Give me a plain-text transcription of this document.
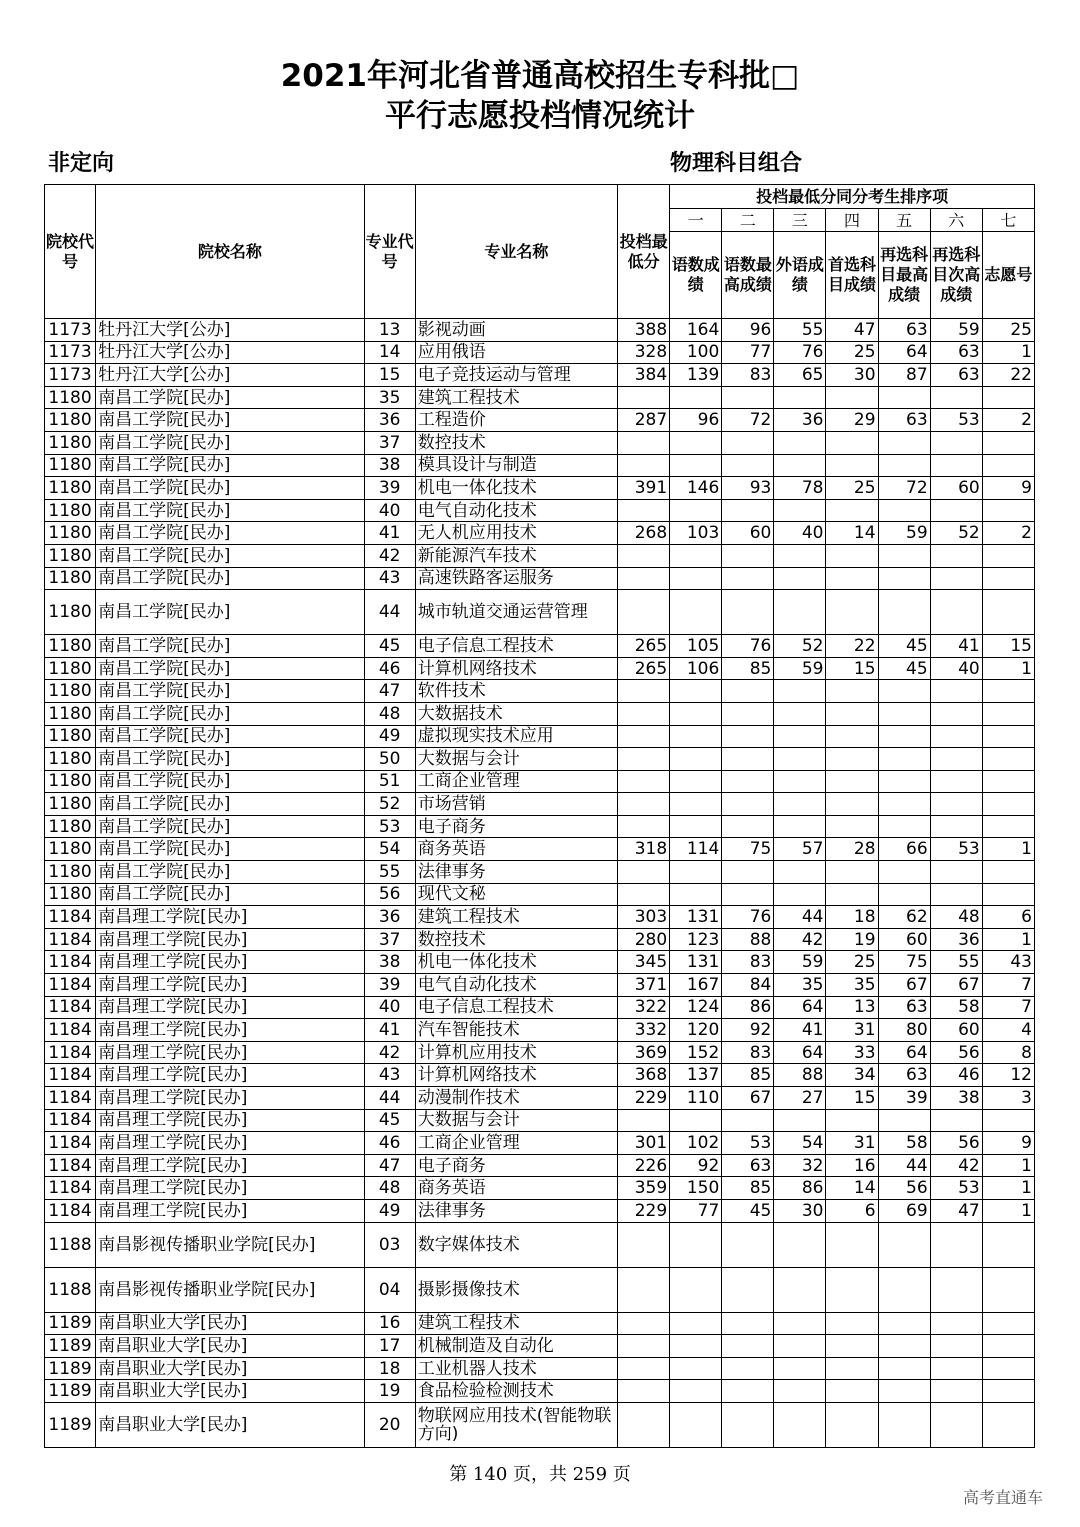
2021年河北省普通高校招生专科批□
平行志愿投档情况统计
非定向	物理科目组合
院校代号	院校名称	专业代号	专业名称	投档最低分	投档最低分同分考生排序项						
					一	二	三	四	五	六	七
					语数成绩	语数最高成绩	外语成绩	首选科目成绩	再选科目最高成绩	再选科目次高成绩	志愿号
1173	牡丹江大学[公办]	13	影视动画	388	164	96	55	47	63	59	25
1173	牡丹江大学[公办]	14	应用俄语	328	100	77	76	25	64	63	1
1173	牡丹江大学[公办]	15	电子竞技运动与管理	384	139	83	65	30	87	63	22
1180	南昌工学院[民办]	35	建筑工程技术								
1180	南昌工学院[民办]	36	工程造价	287	96	72	36	29	63	53	2
1180	南昌工学院[民办]	37	数控技术								
1180	南昌工学院[民办]	38	模具设计与制造								
1180	南昌工学院[民办]	39	机电一体化技术	391	146	93	78	25	72	60	9
1180	南昌工学院[民办]	40	电气自动化技术								
1180	南昌工学院[民办]	41	无人机应用技术	268	103	60	40	14	59	52	2
1180	南昌工学院[民办]	42	新能源汽车技术								
1180	南昌工学院[民办]	43	高速铁路客运服务								
1180	南昌工学院[民办]	44	城市轨道交通运营管理								
1180	南昌工学院[民办]	45	电子信息工程技术	265	105	76	52	22	45	41	15
1180	南昌工学院[民办]	46	计算机网络技术	265	106	85	59	15	45	40	1
1180	南昌工学院[民办]	47	软件技术								
1180	南昌工学院[民办]	48	大数据技术								
1180	南昌工学院[民办]	49	虚拟现实技术应用								
1180	南昌工学院[民办]	50	大数据与会计								
1180	南昌工学院[民办]	51	工商企业管理								
1180	南昌工学院[民办]	52	市场营销								
1180	南昌工学院[民办]	53	电子商务								
1180	南昌工学院[民办]	54	商务英语	318	114	75	57	28	66	53	1
1180	南昌工学院[民办]	55	法律事务								
1180	南昌工学院[民办]	56	现代文秘								
1184	南昌理工学院[民办]	36	建筑工程技术	303	131	76	44	18	62	48	6
1184	南昌理工学院[民办]	37	数控技术	280	123	88	42	19	60	36	1
1184	南昌理工学院[民办]	38	机电一体化技术	345	131	83	59	25	75	55	43
1184	南昌理工学院[民办]	39	电气自动化技术	371	167	84	35	35	67	67	7
1184	南昌理工学院[民办]	40	电子信息工程技术	322	124	86	64	13	63	58	7
1184	南昌理工学院[民办]	41	汽车智能技术	332	120	92	41	31	80	60	4
1184	南昌理工学院[民办]	42	计算机应用技术	369	152	83	64	33	64	56	8
1184	南昌理工学院[民办]	43	计算机网络技术	368	137	85	88	34	63	46	12
1184	南昌理工学院[民办]	44	动漫制作技术	229	110	67	27	15	39	38	3
1184	南昌理工学院[民办]	45	大数据与会计								
1184	南昌理工学院[民办]	46	工商企业管理	301	102	53	54	31	58	56	9
1184	南昌理工学院[民办]	47	电子商务	226	92	63	32	16	44	42	1
1184	南昌理工学院[民办]	48	商务英语	359	150	85	86	14	56	53	1
1184	南昌理工学院[民办]	49	法律事务	229	77	45	30	6	69	47	1
1188	南昌影视传播职业学院[民办]	03	数字媒体技术								
1188	南昌影视传播职业学院[民办]	04	摄影摄像技术								
1189	南昌职业大学[民办]	16	建筑工程技术								
1189	南昌职业大学[民办]	17	机械制造及自动化								
1189	南昌职业大学[民办]	18	工业机器人技术								
1189	南昌职业大学[民办]	19	食品检验检测技术								
1189	南昌职业大学[民办]	20	物联网应用技术(智能物联方向)								
第 140 页，共 259 页
高考直通车
